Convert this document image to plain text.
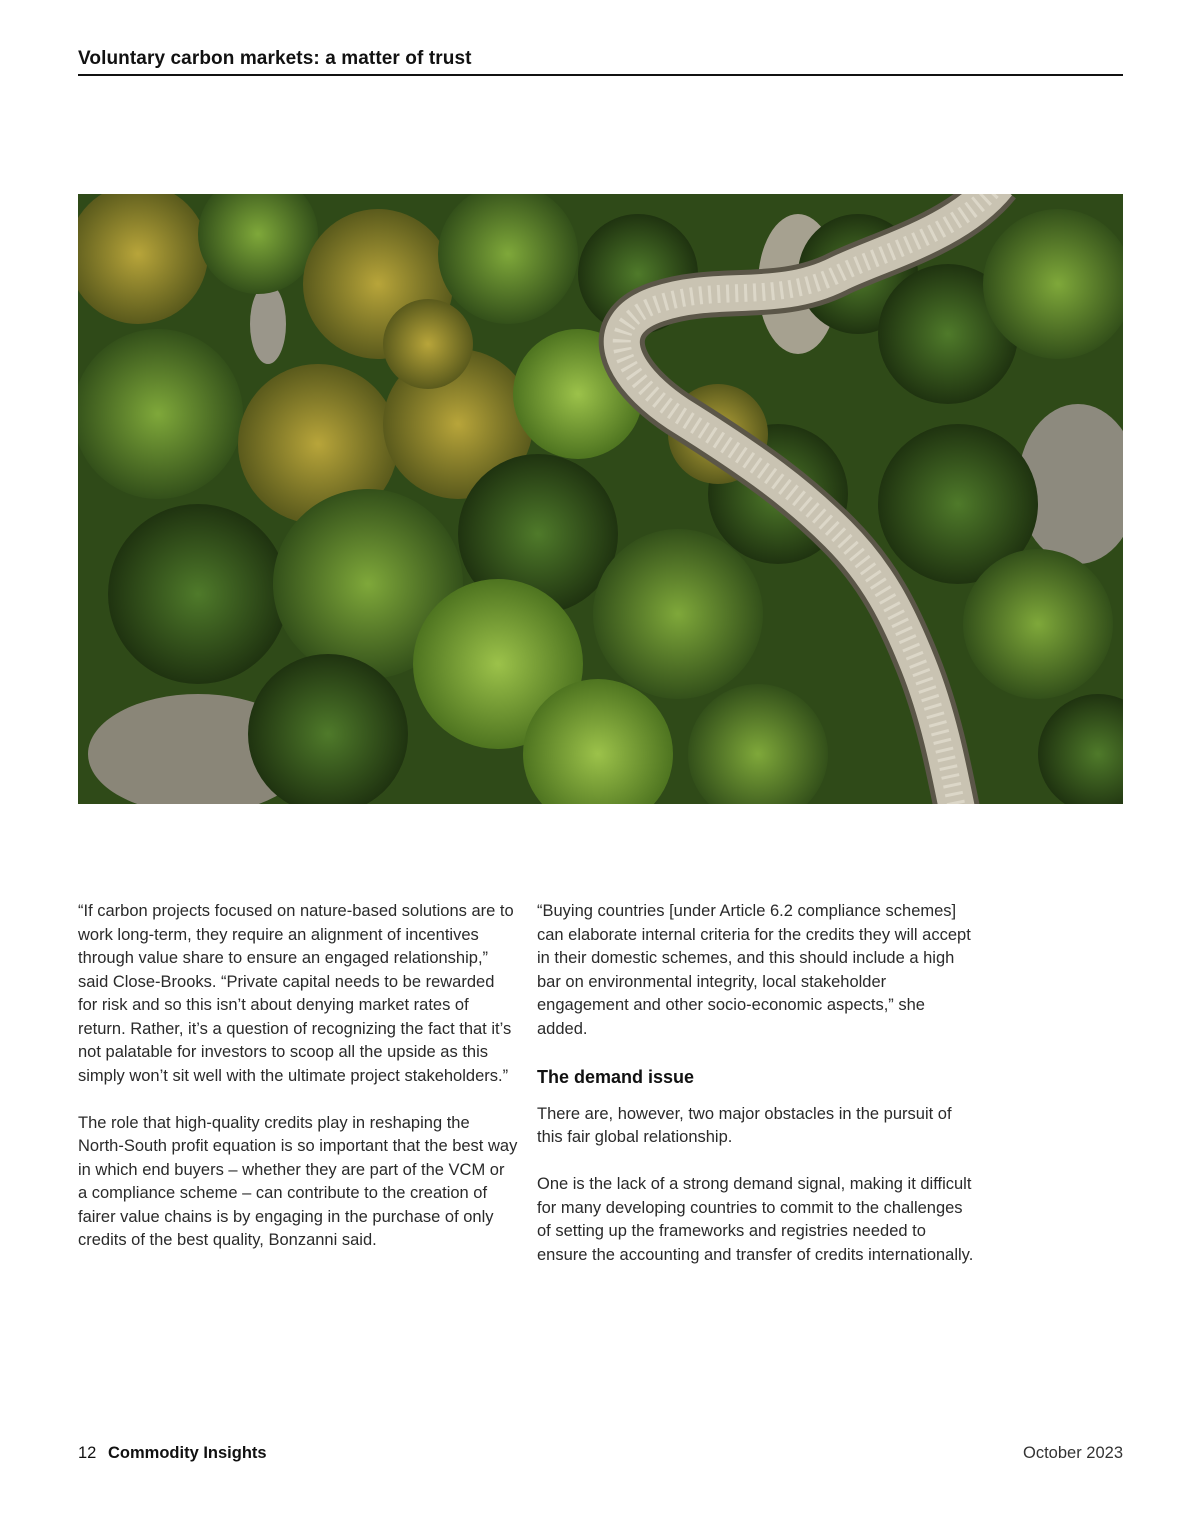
Voluntary carbon markets: a matter of trust

“If carbon projects focused on nature-based solutions are to work long-term, they require an alignment of incentives through value share to ensure an engaged relationship,” said Close-Brooks. “Private capital needs to be rewarded for risk and so this isn’t about denying market rates of return. Rather, it’s a question of recognizing the fact that it’s not palatable for investors to scoop all the upside as this simply won’t sit well with the ultimate project stakeholders.”

The role that high-quality credits play in reshaping the North-South profit equation is so important that the best way in which end buyers – whether they are part of the VCM or a compliance scheme – can contribute to the creation of fairer value chains is by engaging in the purchase of only credits of the best quality, Bonzanni said.

“Buying countries [under Article 6.2 compliance schemes] can elaborate internal criteria for the credits they will accept in their domestic schemes, and this should include a high bar on environmental integrity, local stakeholder engagement and other socio-economic aspects,” she added.

The demand issue

There are, however, two major obstacles in the pursuit of this fair global relationship.

One is the lack of a strong demand signal, making it difficult for many developing countries to commit to the challenges of setting up the frameworks and registries needed to ensure the accounting and transfer of credits internationally.

12 Commodity Insights	October 2023
